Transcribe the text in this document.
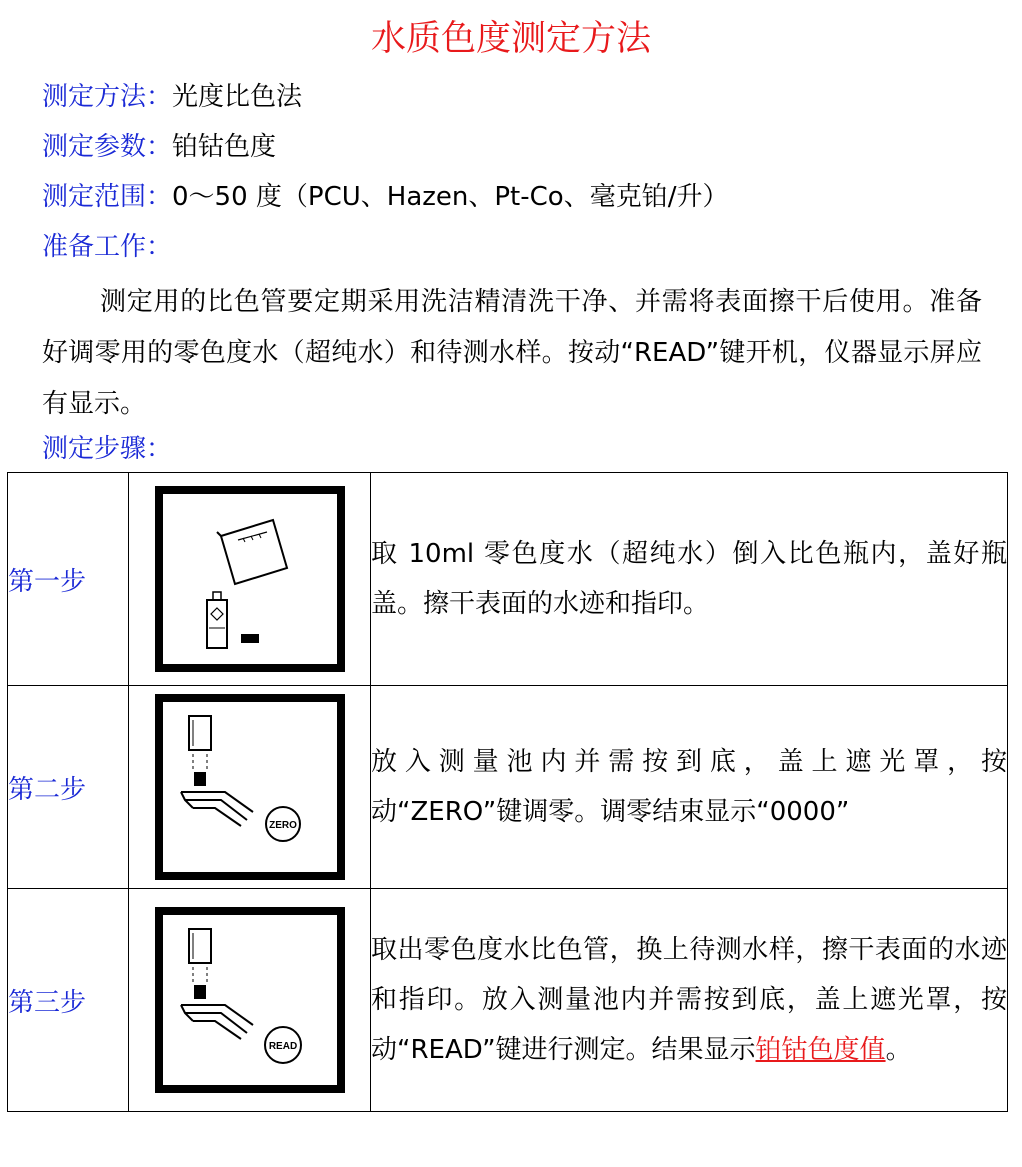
水质色度测定方法
测定方法：光度比色法
测定参数：铂钴色度
测定范围：0～50 度（PCU、Hazen、Pt-Co、毫克铂/升）
准备工作：
测定用的比色管要定期采用洗洁精清洗干净、并需将表面擦干后使用。准备好调零用的零色度水（超纯水）和待测水样。按动“READ”键开机，仪器显示屏应有显示。
测定步骤：
第一步		取 10ml 零色度水（超纯水）倒入比色瓶内，盖好瓶盖。擦干表面的水迹和指印。
第二步	ZERO	放入测量池内并需按到底，盖上遮光罩，按动“ZERO”键调零。调零结束显示“0000”
第三步	READ	取出零色度水比色管，换上待测水样，擦干表面的水迹和指印。放入测量池内并需按到底，盖上遮光罩，按动“READ”键进行测定。结果显示铂钴色度值。
